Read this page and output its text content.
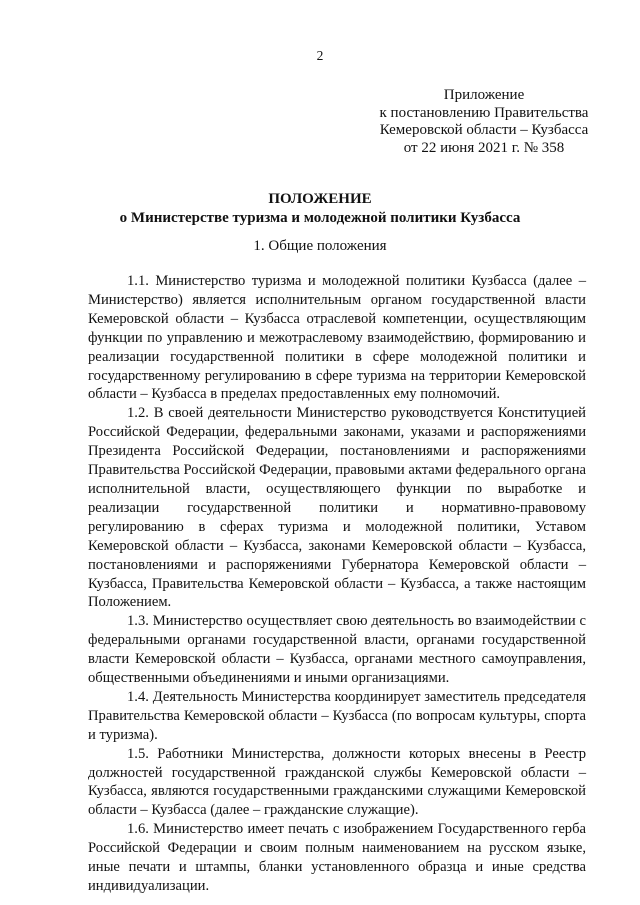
2
Приложение
к постановлению Правительства
Кемеровской области – Кузбасса
от 22 июня 2021 г. № 358
ПОЛОЖЕНИЕ
о Министерстве туризма и молодежной политики Кузбасса
1. Общие положения

1.1. Министерство туризма и молодежной политики Кузбасса (далее – Министерство) является исполнительным органом государственной власти Кемеровской области – Кузбасса отраслевой компетенции, осуществляющим функции по управлению и межотраслевому взаимодействию, формированию и реализации государственной политики в сфере молодежной политики и государственному регулированию в сфере туризма на территории Кемеровской области – Кузбасса в пределах предоставленных ему полномочий.

1.2. В своей деятельности Министерство руководствуется Конституцией Российской Федерации, федеральными законами, указами и распоряжениями Президента Российской Федерации, постановлениями и распоряжениями Правительства Российской Федерации, правовыми актами федерального органа исполнительной власти, осуществляющего функции по выработке и реализации государственной политики и нормативно-правовому регулированию в сферах туризма и молодежной политики, Уставом Кемеровской области – Кузбасса, законами Кемеровской области – Кузбасса, постановлениями и распоряжениями Губернатора Кемеровской области – Кузбасса, Правительства Кемеровской области – Кузбасса, а также настоящим Положением.

1.3. Министерство осуществляет свою деятельность во взаимодействии с федеральными органами государственной власти, органами государственной власти Кемеровской области – Кузбасса, органами местного самоуправления, общественными объединениями и иными организациями.

1.4. Деятельность Министерства координирует заместитель председателя Правительства Кемеровской области – Кузбасса (по вопросам культуры, спорта и туризма).

1.5. Работники Министерства, должности которых внесены в Реестр должностей государственной гражданской службы Кемеровской области – Кузбасса, являются государственными гражданскими служащими Кемеровской области – Кузбасса (далее – гражданские служащие).

1.6. Министерство имеет печать с изображением Государственного герба Российской Федерации и своим полным наименованием на русском языке, иные печати и штампы, бланки установленного образца и иные средства индивидуализации.
